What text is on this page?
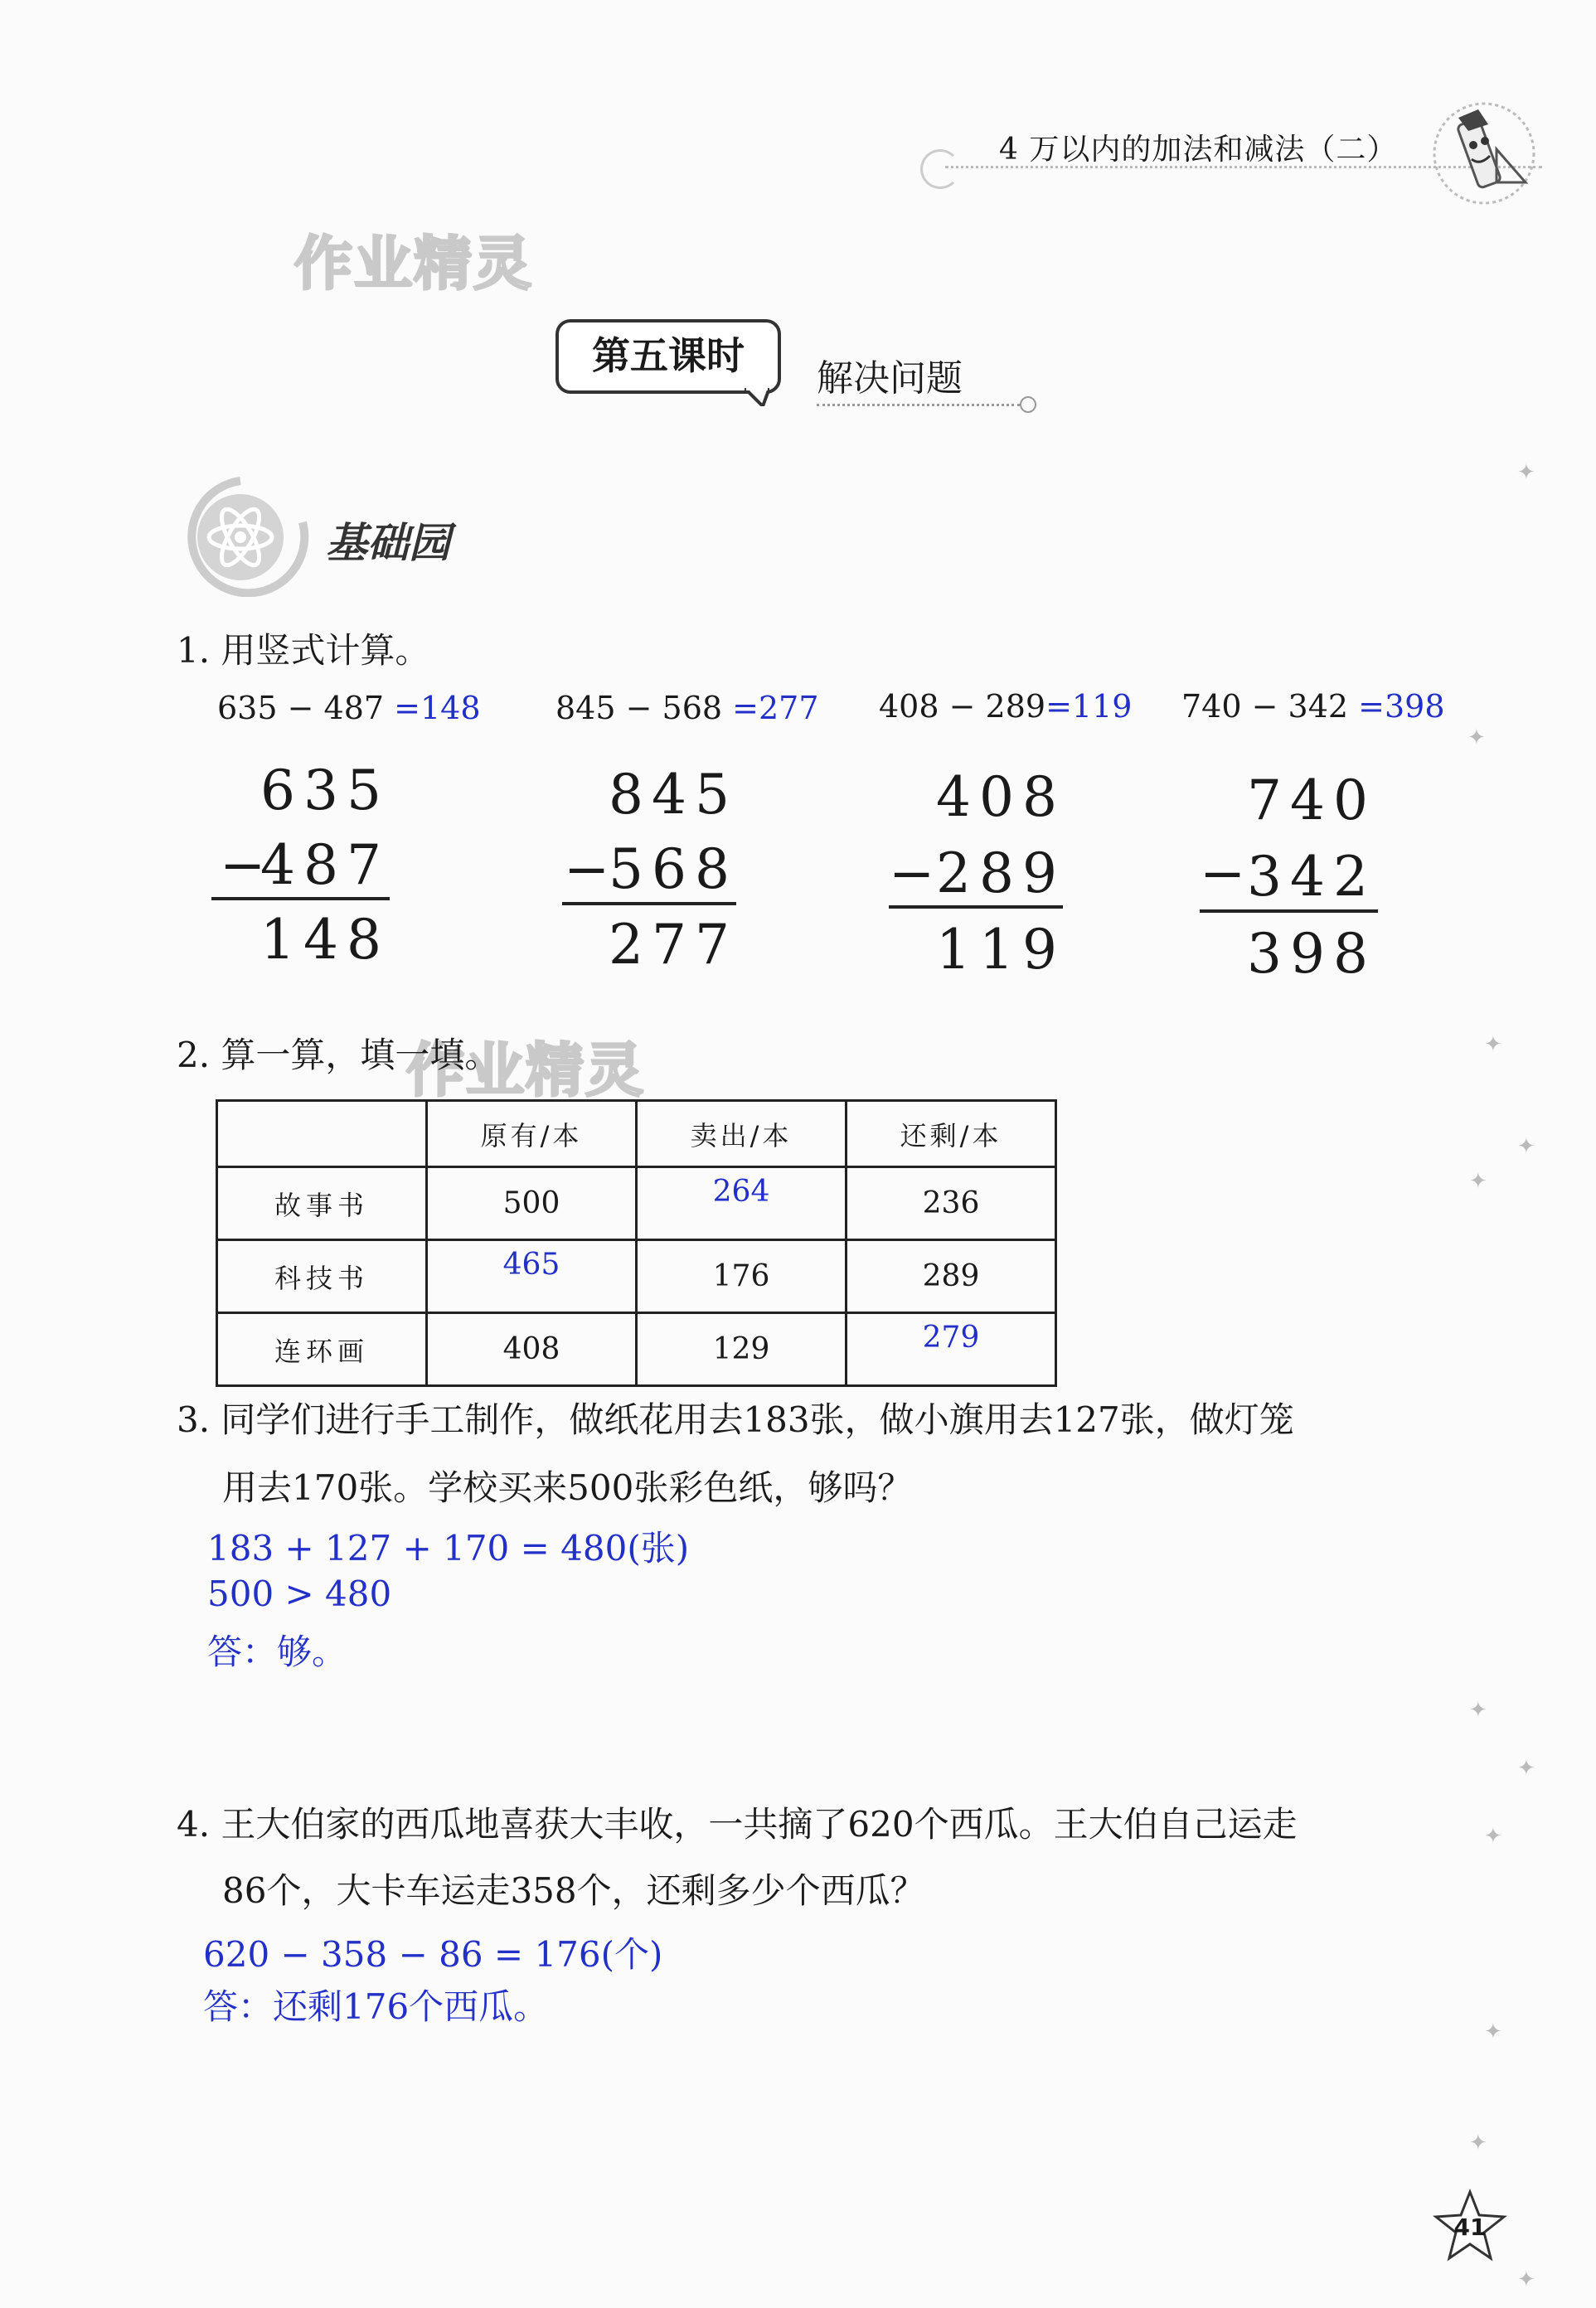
4 万以内的加法和减法（二）
作业精灵
作业精灵
第五课时
解决问题
基础园
1. 用竖式计算。
635 − 487 =148 845 − 568 =277 408 − 289=119 740 − 342 =398
635
487
−
148
845
568
−
277
408
289
−
119
740
342
−
398
2. 算一算，填一填。
	原有/本	卖出/本	还剩/本
故事书	500	264	236
科技书	465	176	289
连环画	408	129	279
3. 同学们进行手工制作，做纸花用去183张，做小旗用去127张，做灯笼
用去170张。学校买来500张彩色纸，够吗？
183 + 127 + 170 = 480(张)
500 > 480
答：够。
4. 王大伯家的西瓜地喜获大丰收，一共摘了620个西瓜。王大伯自己运走
86个，大卡车运走358个，还剩多少个西瓜？
620 − 358 − 86 = 176(个)
答：还剩176个西瓜。
✦
✦
✦
✦
✦
✦
✦
✦
✦
✦
✦
41
